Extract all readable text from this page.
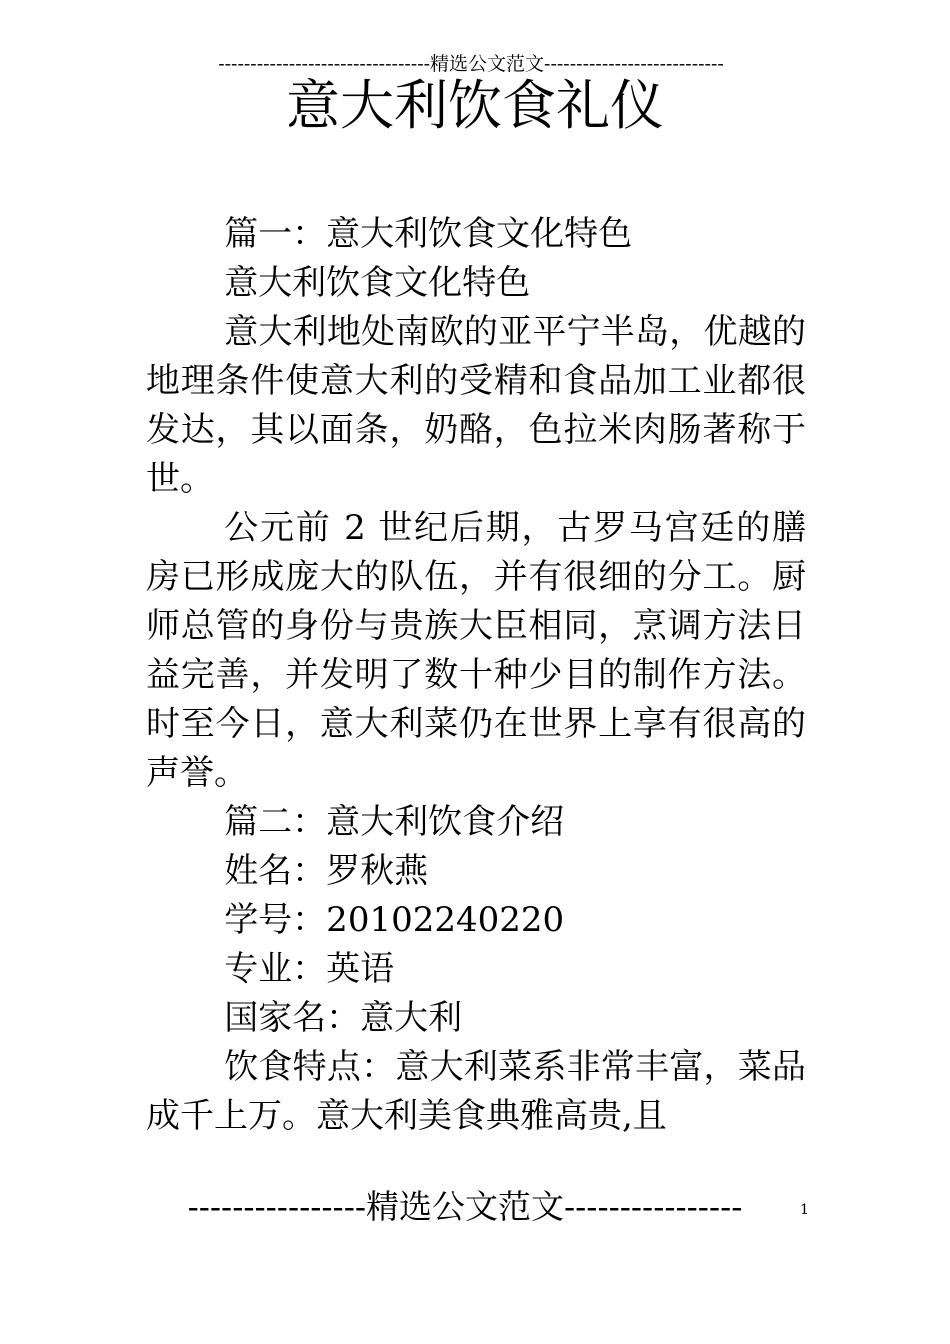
---------------------------------精选公文范文----------------------------
意大利饮食礼仪

篇一：意大利饮食文化特色

意大利饮食文化特色

意大利地处南欧的亚平宁半岛，优越的地理条件使意大利的受精和食品加工业都很发达，其以面条，奶酪，色拉米肉肠著称于世。

公元前 2 世纪后期，古罗马宫廷的膳房已形成庞大的队伍，并有很细的分工。厨师总管的身份与贵族大臣相同，烹调方法日益完善，并发明了数十种少目的制作方法。时至今日，意大利菜仍在世界上享有很高的声誉。

篇二：意大利饮食介绍

姓名：罗秋燕

学号：20102240220

专业：英语

国家名：意大利

饮食特点：意大利菜系非常丰富，菜品成千上万。意大利美食典雅高贵,且

----------------精选公文范文----------------	1
